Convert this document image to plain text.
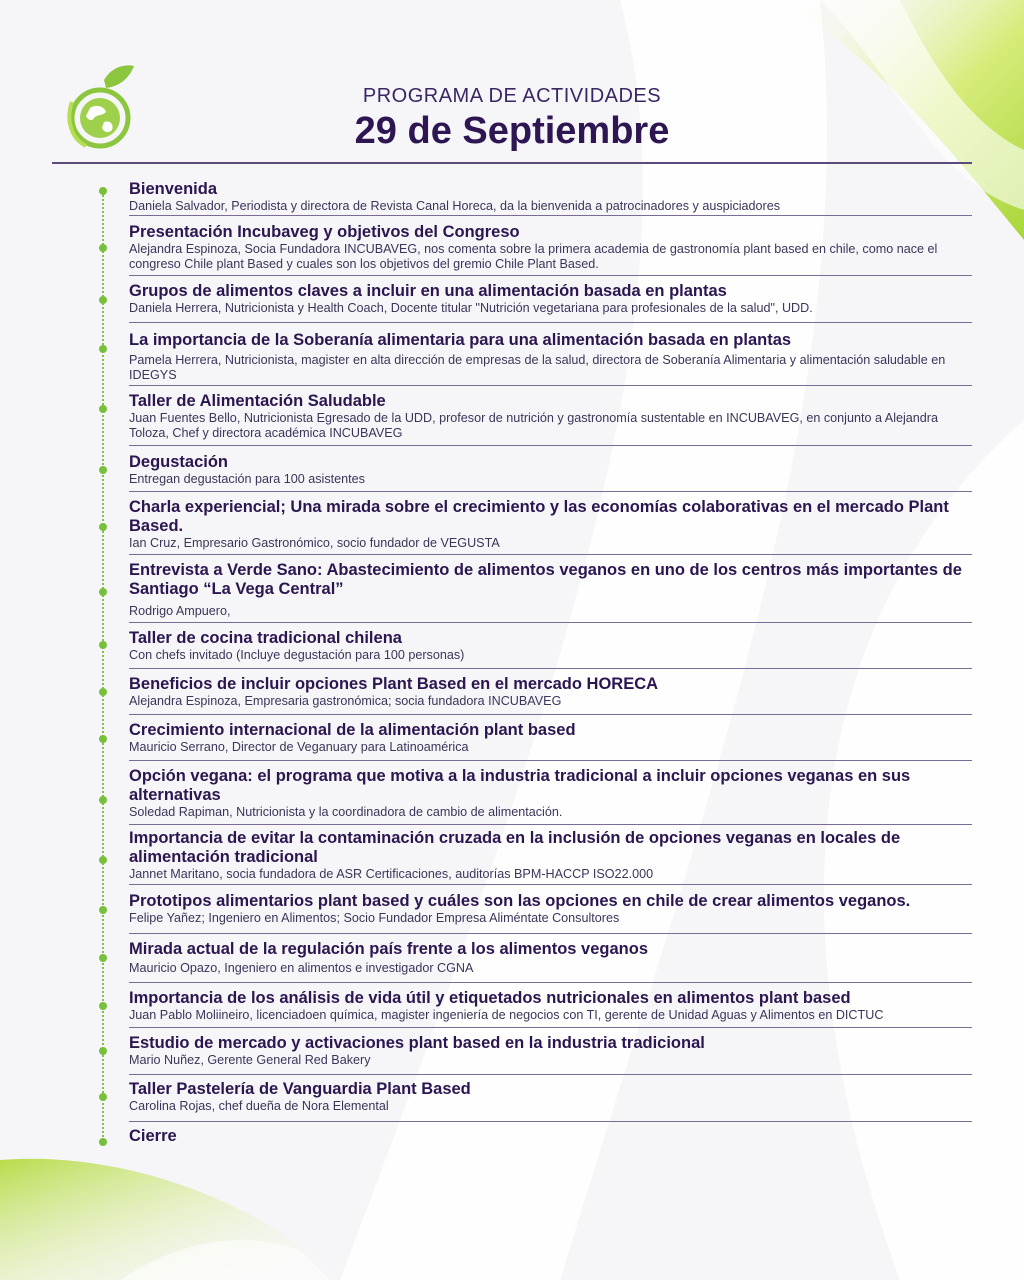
PROGRAMA DE ACTIVIDADES
29 de Septiembre
Bienvenida
Daniela Salvador, Periodista y directora de Revista Canal Horeca, da la bienvenida a patrocinadores y auspiciadores
Presentación Incubaveg y objetivos del Congreso
Alejandra Espinoza, Socia Fundadora INCUBAVEG, nos comenta sobre la primera academia de gastronomía plant based en chile, como nace el congreso Chile plant Based y cuales son los objetivos del gremio Chile Plant Based.
Grupos de alimentos claves a incluir en una alimentación basada en plantas
Daniela Herrera, Nutricionista y Health Coach, Docente titular "Nutrición vegetariana para profesionales de la salud", UDD.
La importancia de la Soberanía alimentaria para una alimentación basada en plantas
Pamela Herrera, Nutricionista, magister en alta dirección de empresas de la salud, directora de Soberanía Alimentaria y alimentación saludable en IDEGYS
Taller de Alimentación Saludable
Juan Fuentes Bello, Nutricionista Egresado de la UDD, profesor de nutrición y gastronomía sustentable en INCUBAVEG, en conjunto a Alejandra Toloza, Chef y directora académica INCUBAVEG
Degustación
Entregan degustación para 100 asistentes
Charla experiencial; Una mirada sobre el crecimiento y las economías colaborativas en el mercado Plant Based.
Ian Cruz, Empresario Gastronómico, socio fundador de VEGUSTA
Entrevista a Verde Sano: Abastecimiento de alimentos veganos en uno de los centros más importantes de Santiago “La Vega Central”
Rodrigo Ampuero,
Taller de cocina tradicional chilena
Con chefs invitado (Incluye degustación para 100 personas)
Beneficios de incluir opciones Plant Based en el mercado HORECA
Alejandra Espinoza, Empresaria gastronómica; socia fundadora INCUBAVEG
Crecimiento internacional de la alimentación plant based
Mauricio Serrano, Director de Veganuary para Latinoamérica
Opción vegana: el programa que motiva a la industria tradicional a incluir opciones veganas en sus alternativas
Soledad Rapiman, Nutricionista y la coordinadora de cambio de alimentación.
Importancia de evitar la contaminación cruzada en la inclusión de opciones veganas en locales de alimentación tradicional
Jannet Maritano, socia fundadora de ASR Certificaciones, auditorías BPM-HACCP ISO22.000
Prototipos alimentarios plant based y cuáles son las opciones en chile de crear alimentos veganos.
Felipe Yañez; Ingeniero en Alimentos; Socio Fundador Empresa Aliméntate Consultores
Mirada actual de la regulación país frente a los alimentos veganos
Mauricio Opazo, Ingeniero en alimentos e investigador CGNA
Importancia de los análisis de vida útil y etiquetados nutricionales en alimentos plant based
Juan Pablo Moliineiro, licenciadoen química, magister ingeniería de negocios con TI, gerente de Unidad Aguas y Alimentos en DICTUC
Estudio de mercado y activaciones plant based en la industria tradicional
Mario Nuñez, Gerente General Red Bakery
Taller Pastelería de Vanguardia Plant Based
Carolina Rojas, chef dueña de Nora Elemental
Cierre
